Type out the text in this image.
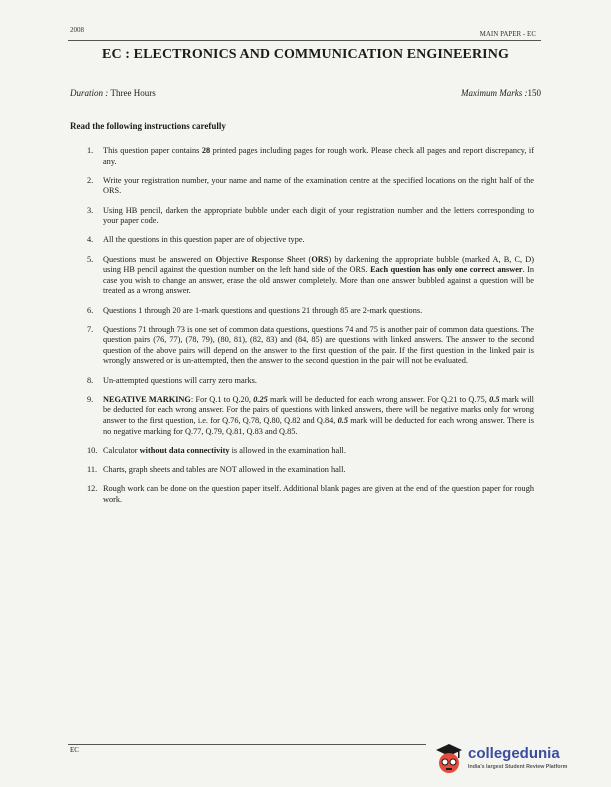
2008	MAIN PAPER - EC
EC : ELECTRONICS AND COMMUNICATION ENGINEERING
Duration : Three Hours	Maximum Marks :150
Read the following instructions carefully
1. This question paper contains 28 printed pages including pages for rough work. Please check all pages and report discrepancy, if any.
2. Write your registration number, your name and name of the examination centre at the specified locations on the right half of the ORS.
3. Using HB pencil, darken the appropriate bubble under each digit of your registration number and the letters corresponding to your paper code.
4. All the questions in this question paper are of objective type.
5. Questions must be answered on Objective Response Sheet (ORS) by darkening the appropriate bubble (marked A, B, C, D) using HB pencil against the question number on the left hand side of the ORS. Each question has only one correct answer. In case you wish to change an answer, erase the old answer completely. More than one answer bubbled against a question will be treated as a wrong answer.
6. Questions 1 through 20 are 1-mark questions and questions 21 through 85 are 2-mark questions.
7. Questions 71 through 73 is one set of common data questions, questions 74 and 75 is another pair of common data questions. The question pairs (76, 77), (78, 79), (80, 81), (82, 83) and (84, 85) are questions with linked answers. The answer to the second question of the above pairs will depend on the answer to the first question of the pair. If the first question in the linked pair is wrongly answered or is un-attempted, then the answer to the second question in the pair will not be evaluated.
8. Un-attempted questions will carry zero marks.
9. NEGATIVE MARKING: For Q.1 to Q.20, 0.25 mark will be deducted for each wrong answer. For Q.21 to Q.75, 0.5 mark will be deducted for each wrong answer. For the pairs of questions with linked answers, there will be negative marks only for wrong answer to the first question, i.e. for Q.76, Q.78, Q.80, Q.82 and Q.84, 0.5 mark will be deducted for each wrong answer. There is no negative marking for Q.77, Q.79, Q.81, Q.83 and Q.85.
10. Calculator without data connectivity is allowed in the examination hall.
11. Charts, graph sheets and tables are NOT allowed in the examination hall.
12. Rough work can be done on the question paper itself. Additional blank pages are given at the end of the question paper for rough work.
EC	collegedunia
India's largest Student Review Platform
